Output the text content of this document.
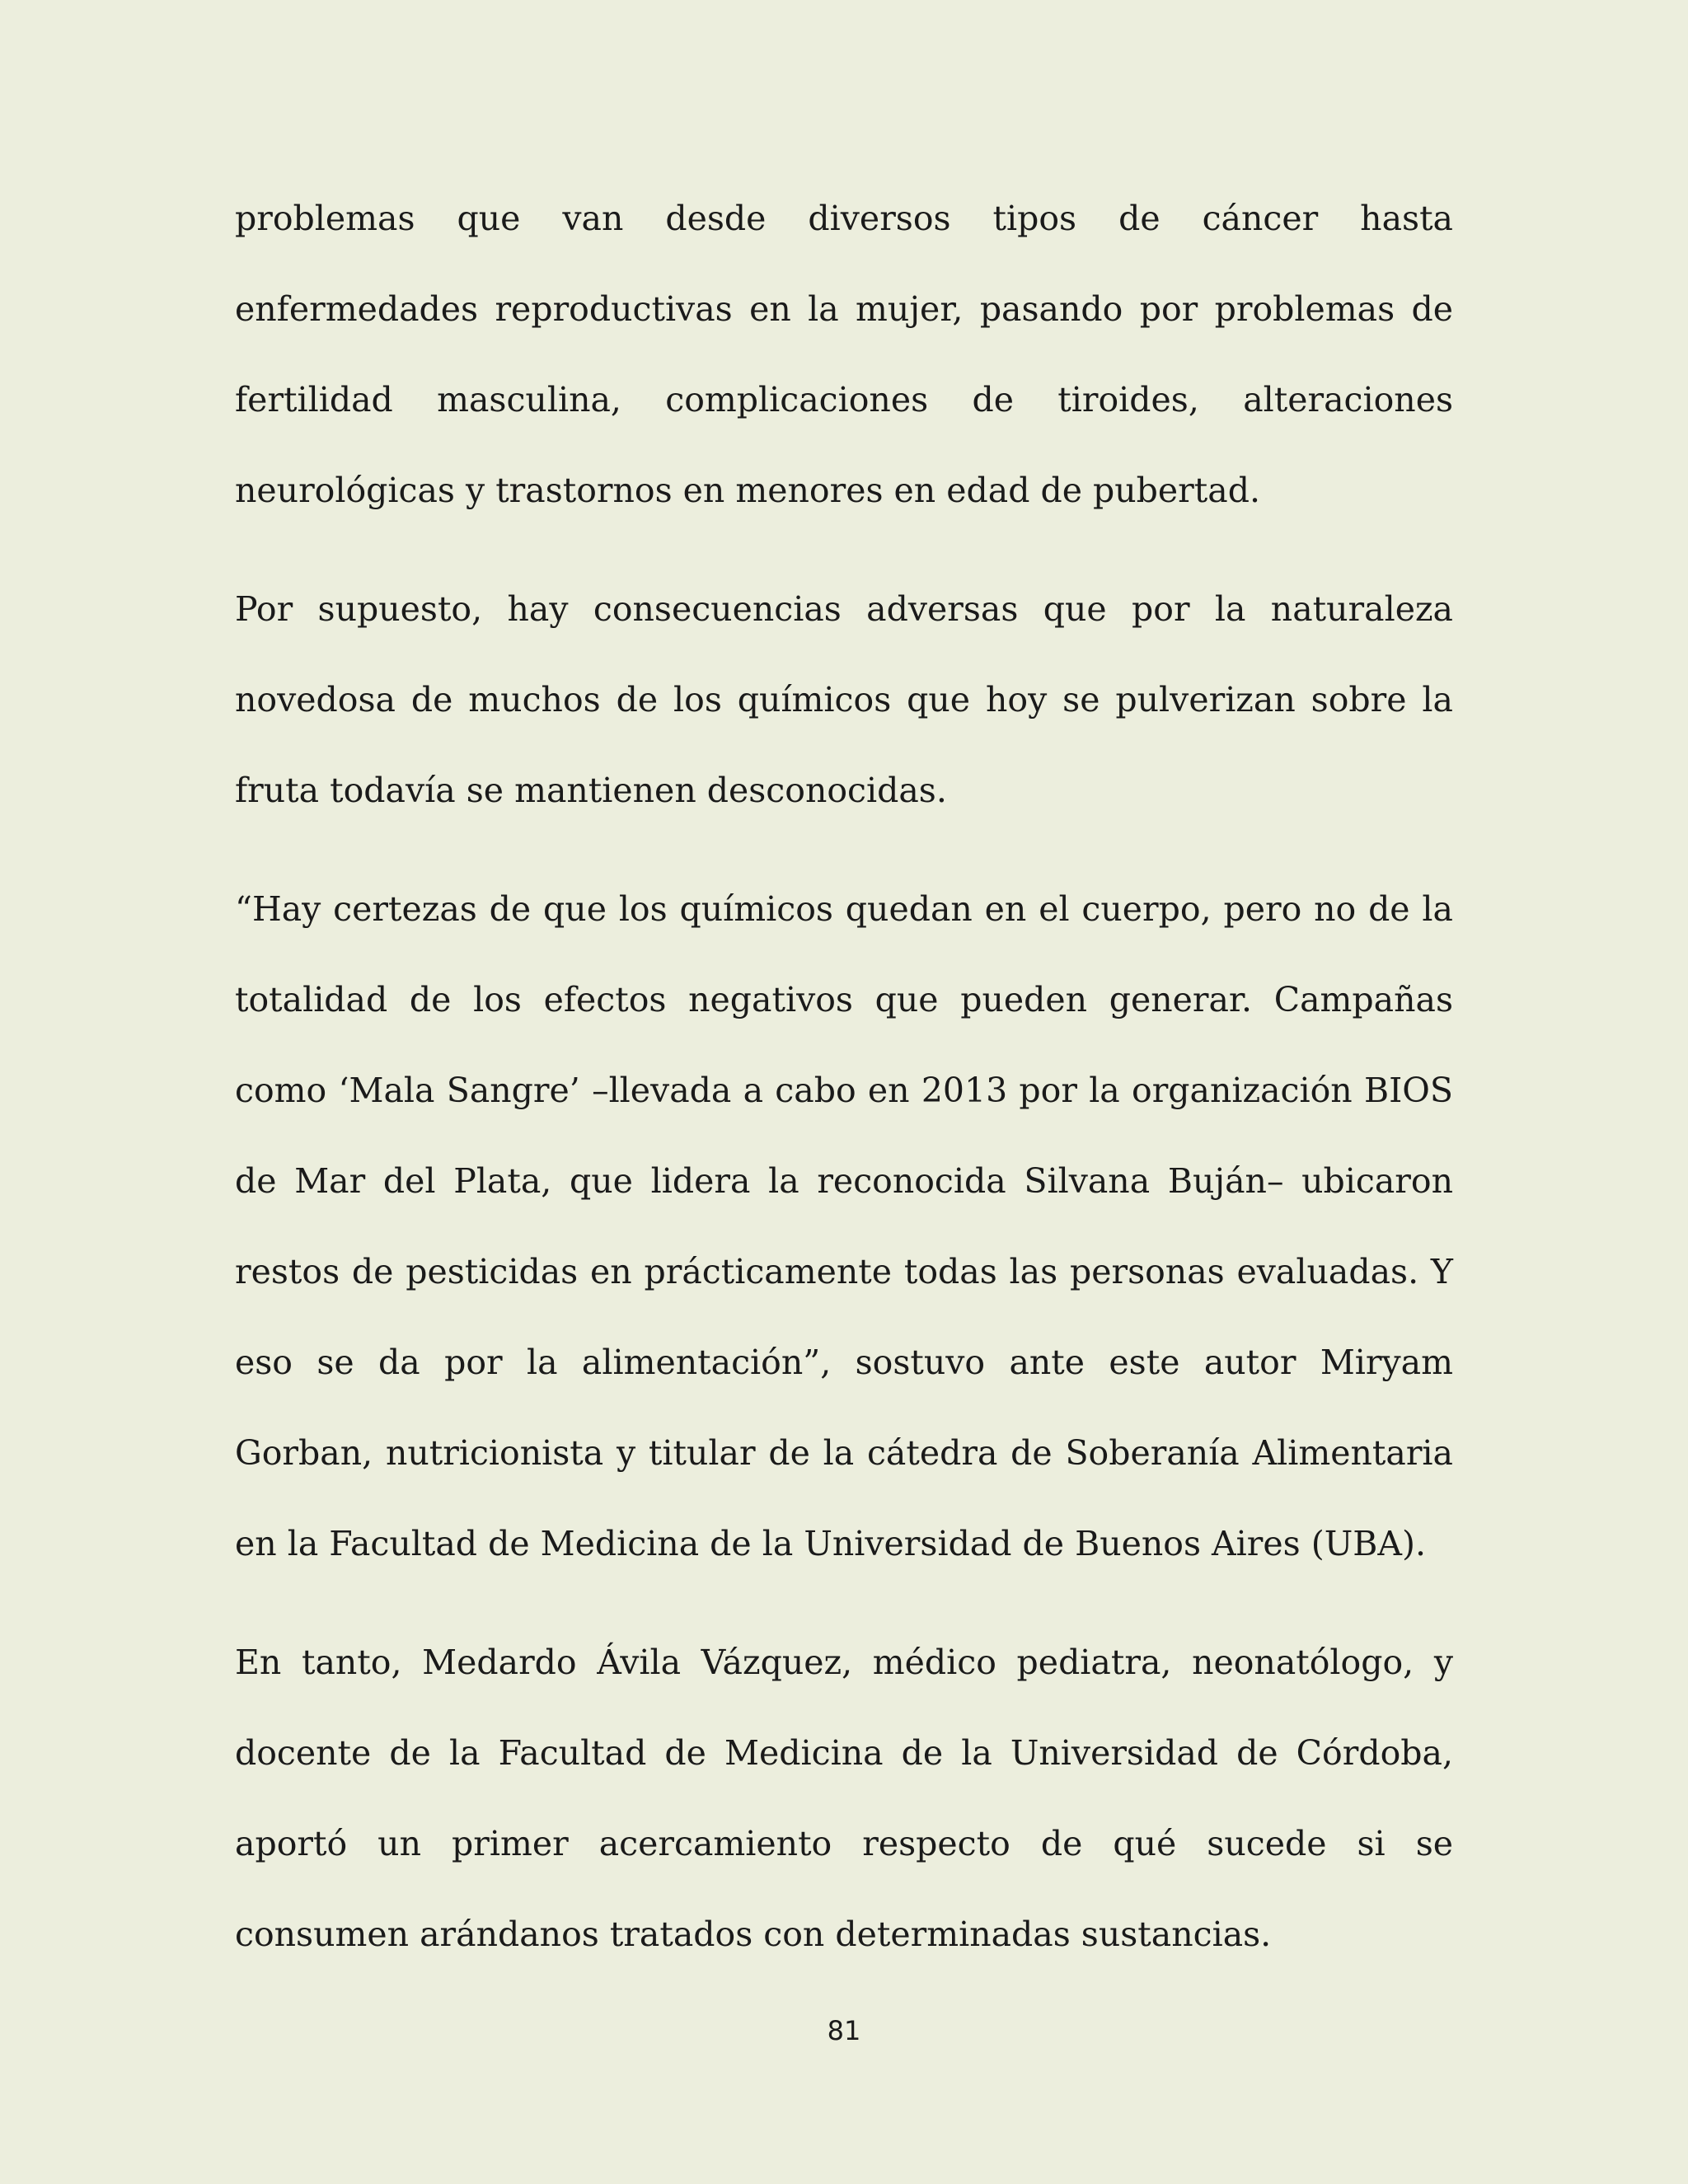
problemas que van desde diversos tipos de cáncer hasta enfermedades reproductivas en la mujer, pasando por problemas de fertilidad masculina, complicaciones de tiroides, alteraciones neurológicas y trastornos en menores en edad de pubertad.

Por supuesto, hay consecuencias adversas que por la naturaleza novedosa de muchos de los químicos que hoy se pulverizan sobre la fruta todavía se mantienen desconocidas.

“Hay certezas de que los químicos quedan en el cuerpo, pero no de la totalidad de los efectos negativos que pueden generar. Campañas como ‘Mala Sangre’ –llevada a cabo en 2013 por la organización BIOS de Mar del Plata, que lidera la reconocida Silvana Buján– ubicaron restos de pesticidas en prácticamente todas las personas evaluadas. Y eso se da por la alimentación”, sostuvo ante este autor Miryam Gorban, nutricionista y titular de la cátedra de Soberanía Alimentaria en la Facultad de Medicina de la Universidad de Buenos Aires (UBA).

En tanto, Medardo Ávila Vázquez, médico pediatra, neonatólogo, y docente de la Facultad de Medicina de la Universidad de Córdoba, aportó un primer acercamiento respecto de qué sucede si se consumen arándanos tratados con determinadas sustancias.

81
